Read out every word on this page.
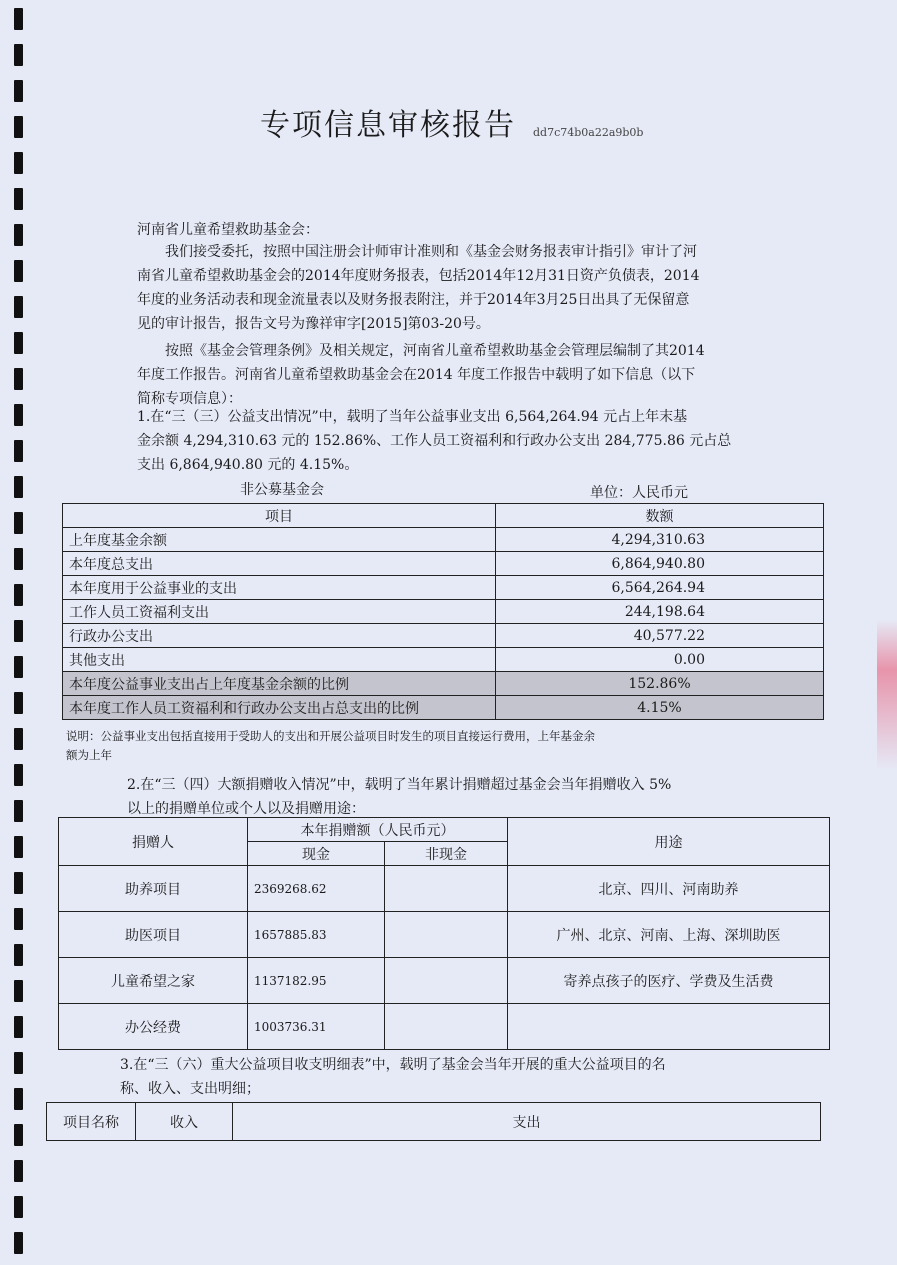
专项信息审核报告 dd7c74b0a22a9b0b
河南省儿童希望救助基金会：
　　我们接受委托，按照中国注册会计师审计准则和《基金会财务报表审计指引》审计了河
南省儿童希望救助基金会的2014年度财务报表，包括2014年12月31日资产负债表，2014
年度的业务活动表和现金流量表以及财务报表附注，并于2014年3月25日出具了无保留意
见的审计报告，报告文号为豫祥审字[2015]第03-20号。
　　按照《基金会管理条例》及相关规定，河南省儿童希望救助基金会管理层编制了其2014
年度工作报告。河南省儿童希望救助基金会在2014 年度工作报告中载明了如下信息（以下
简称专项信息）：
1.在“三（三）公益支出情况”中，载明了当年公益事业支出 6,564,264.94 元占上年末基
金余额 4,294,310.63 元的 152.86%、工作人员工资福利和行政办公支出 284,775.86 元占总
支出 6,864,940.80 元的 4.15%。
非公募基金会	单位：人民币元
项目	数额
上年度基金余额	4,294,310.63
本年度总支出	6,864,940.80
本年度用于公益事业的支出	6,564,264.94
工作人员工资福利支出	244,198.64
行政办公支出	40,577.22
其他支出	0.00
本年度公益事业支出占上年度基金余额的比例	152.86%
本年度工作人员工资福利和行政办公支出占总支出的比例	4.15%
说明：公益事业支出包括直接用于受助人的支出和开展公益项目时发生的项目直接运行费用，上年基金余
额为上年
2.在“三（四）大额捐赠收入情况”中，载明了当年累计捐赠超过基金会当年捐赠收入 5%
以上的捐赠单位或个人以及捐赠用途：
捐赠人	本年捐赠额（人民币元）		用途
	现金	非现金	
助养项目	2369268.62		北京、四川、河南助养
助医项目	1657885.83		广州、北京、河南、上海、深圳助医
儿童希望之家	1137182.95		寄养点孩子的医疗、学费及生活费
办公经费	1003736.31		
3.在“三（六）重大公益项目收支明细表”中，载明了基金会当年开展的重大公益项目的名
称、收入、支出明细；
项目名称	收入	支出
